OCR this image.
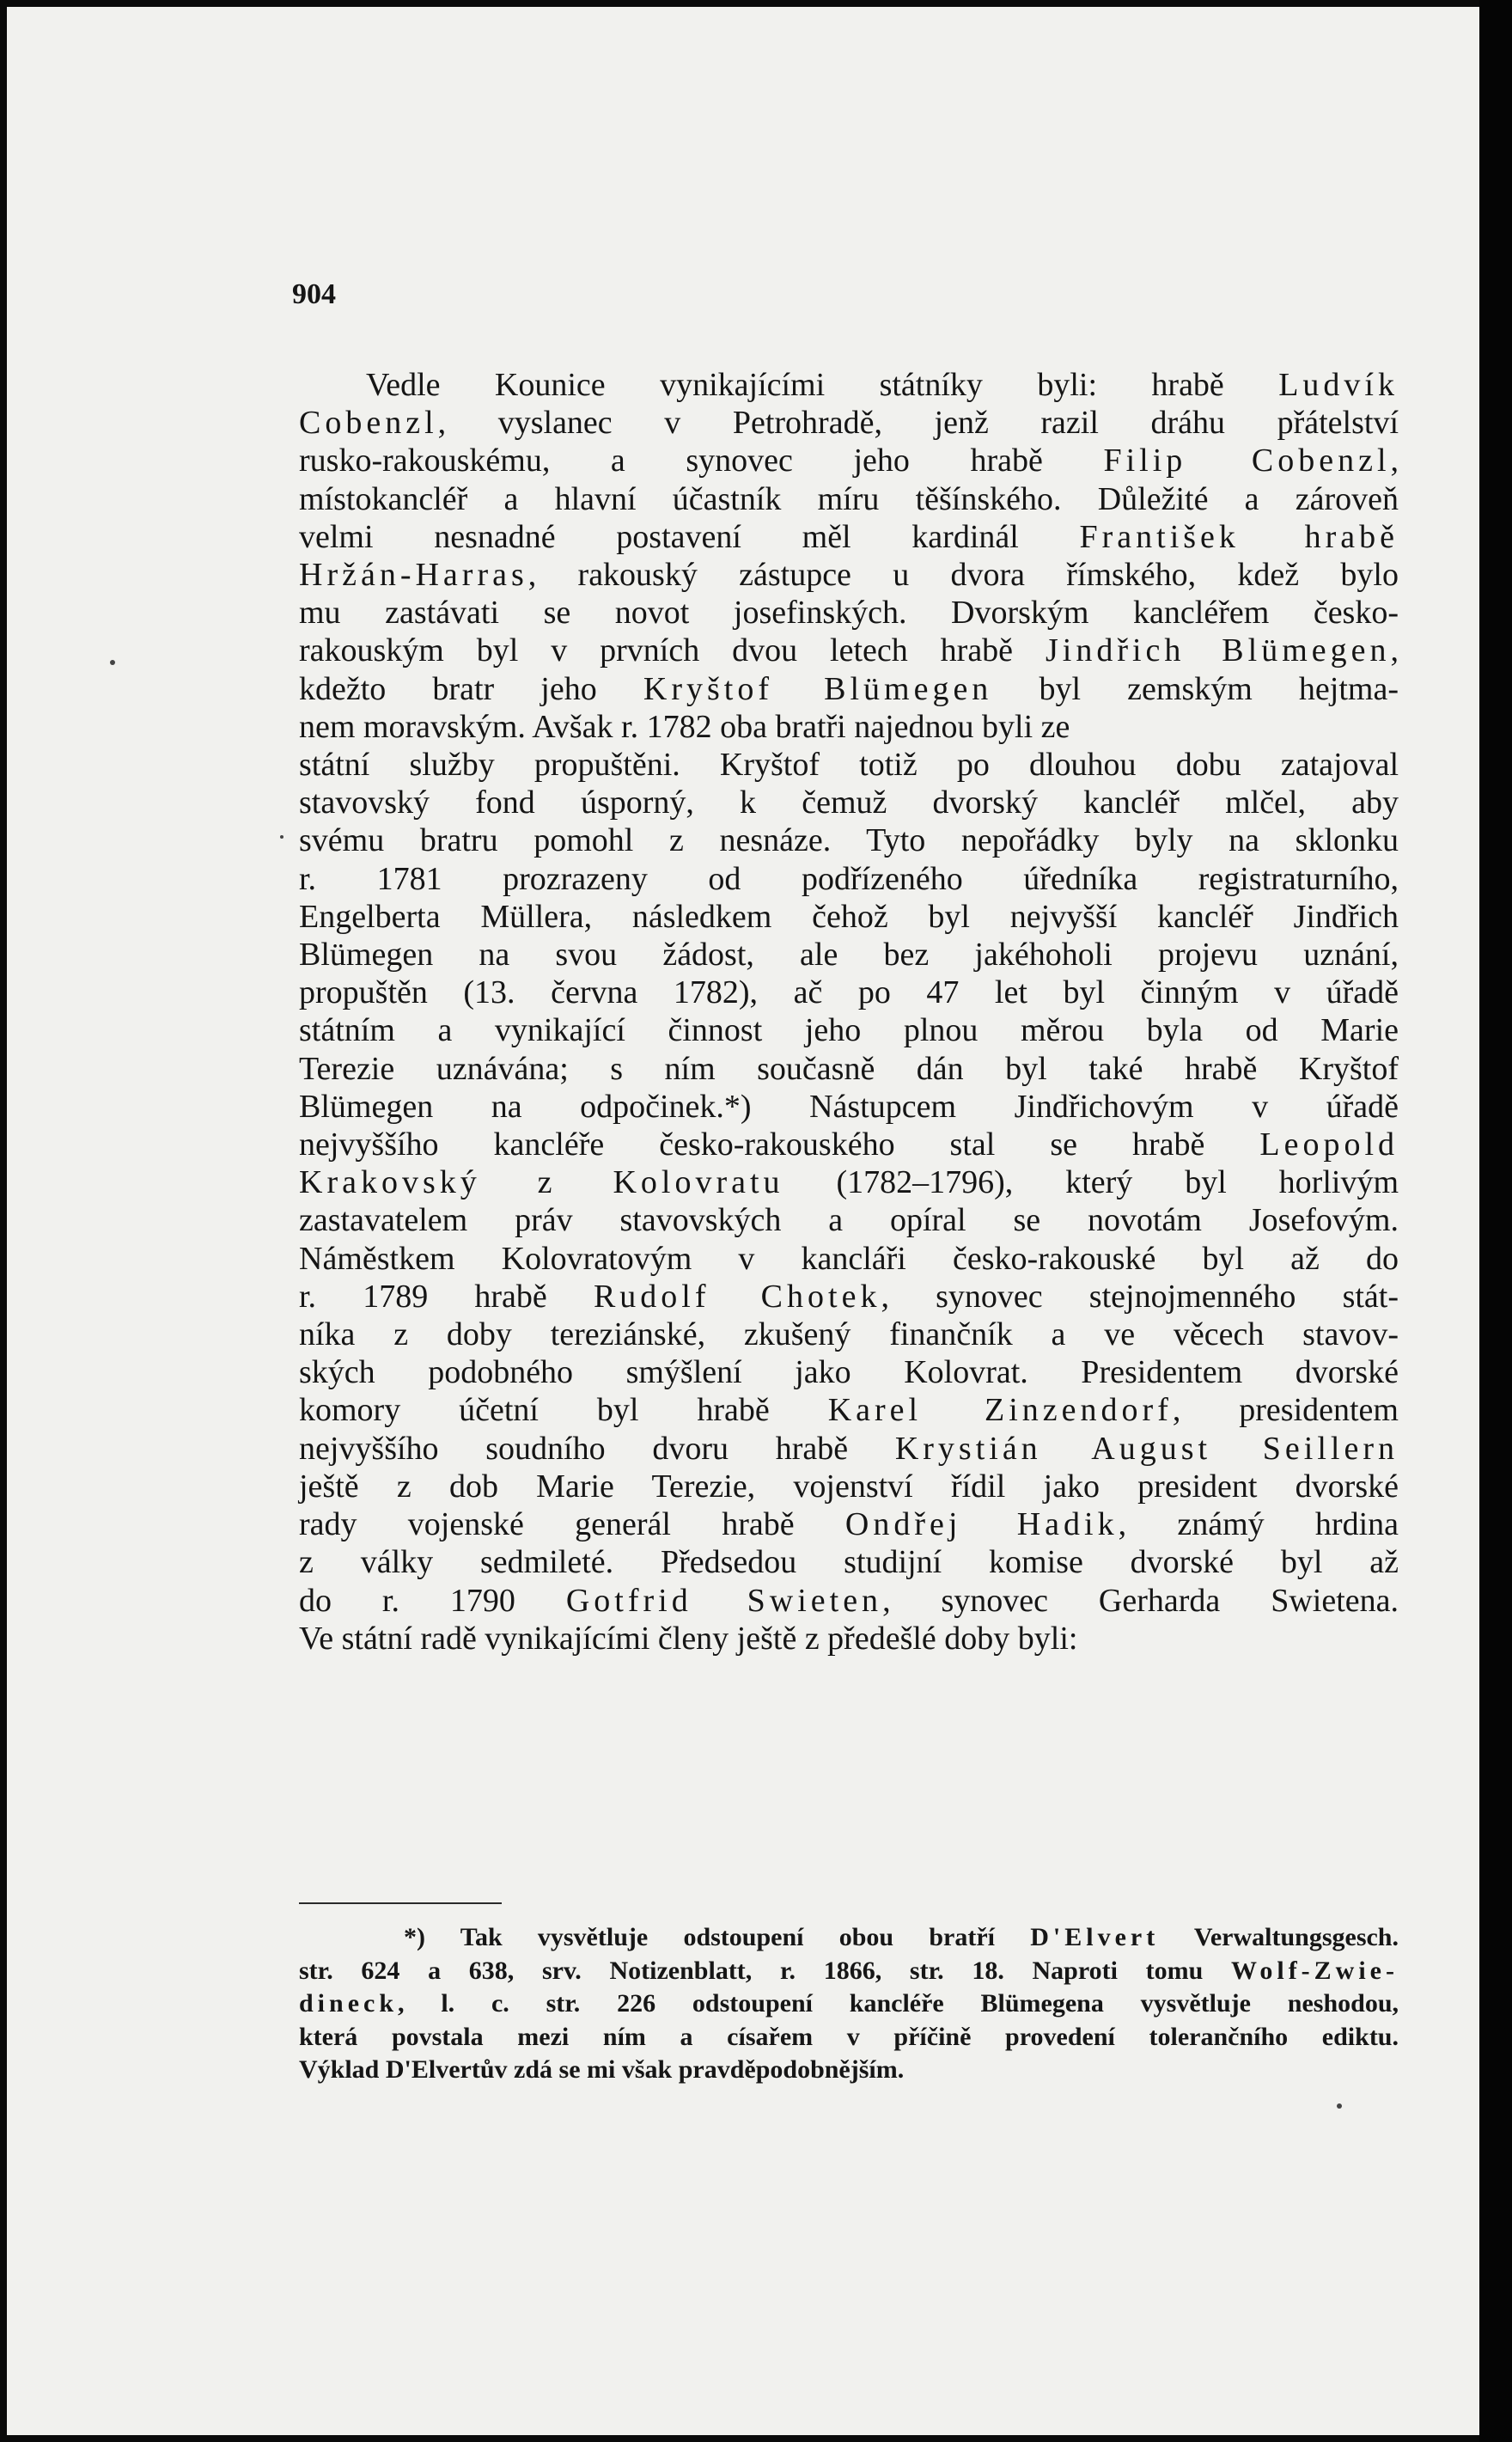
904
Vedle Kounice vynikajícími státníky byli: hrabě Ludvík
Cobenzl, vyslanec v Petrohradě, jenž razil dráhu přátelství
rusko-rakouskému, a synovec jeho hrabě Filip Cobenzl,
místokancléř a hlavní účastník míru těšínského. Důležité a zároveň
velmi nesnadné postavení měl kardinál František hrabě
Hržán-Harras, rakouský zástupce u dvora římského, kdež bylo
mu zastávati se novot josefinských. Dvorským kancléřem česko-
rakouským byl v prvních dvou letech hrabě Jindřich Blümegen,
kdežto bratr jeho Kryštof Blümegen byl zemským hejtma-
nem moravským. Avšak r. 1782 oba bratři najednou byli ze
státní služby propuštěni. Kryštof totiž po dlouhou dobu zatajoval
stavovský fond úsporný, k čemuž dvorský kancléř mlčel, aby
svému bratru pomohl z nesnáze. Tyto nepořádky byly na sklonku
r. 1781 prozrazeny od podřízeného úředníka registraturního,
Engelberta Müllera, následkem čehož byl nejvyšší kancléř Jindřich
Blümegen na svou žádost, ale bez jakéhoholi projevu uznání,
propuštěn (13. června 1782), ač po 47 let byl činným v úřadě
státním a vynikající činnost jeho plnou měrou byla od Marie
Terezie uznávána; s ním současně dán byl také hrabě Kryštof
Blümegen na odpočinek.*) Nástupcem Jindřichovým v úřadě
nejvyššího kancléře česko-rakouského stal se hrabě Leopold
Krakovský z Kolovratu (1782–1796), který byl horlivým
zastavatelem práv stavovských a opíral se novotám Josefovým.
Náměstkem Kolovratovým v kancláři česko-rakouské byl až do
r. 1789 hrabě Rudolf Chotek, synovec stejnojmenného stát-
níka z doby tereziánské, zkušený finančník a ve věcech stavov-
ských podobného smýšlení jako Kolovrat. Presidentem dvorské
komory účetní byl hrabě Karel Zinzendorf, presidentem
nejvyššího soudního dvoru hrabě Krystián August Seillern
ještě z dob Marie Terezie, vojenství řídil jako president dvorské
rady vojenské generál hrabě Ondřej Hadik, známý hrdina
z války sedmileté. Předsedou studijní komise dvorské byl až
do r. 1790 Gotfrid Swieten, synovec Gerharda Swietena.
Ve státní radě vynikajícími členy ještě z předešlé doby byli:
*) Tak vysvětluje odstoupení obou bratří D'Elvert Verwaltungsgesch.
str. 624 a 638, srv. Notizenblatt, r. 1866, str. 18. Naproti tomu Wolf-Zwie-
dineck, l. c. str. 226 odstoupení kancléře Blümegena vysvětluje neshodou,
která povstala mezi ním a císařem v příčině provedení tolerančního ediktu.
Výklad D'Elvertův zdá se mi však pravděpodobnějším.
